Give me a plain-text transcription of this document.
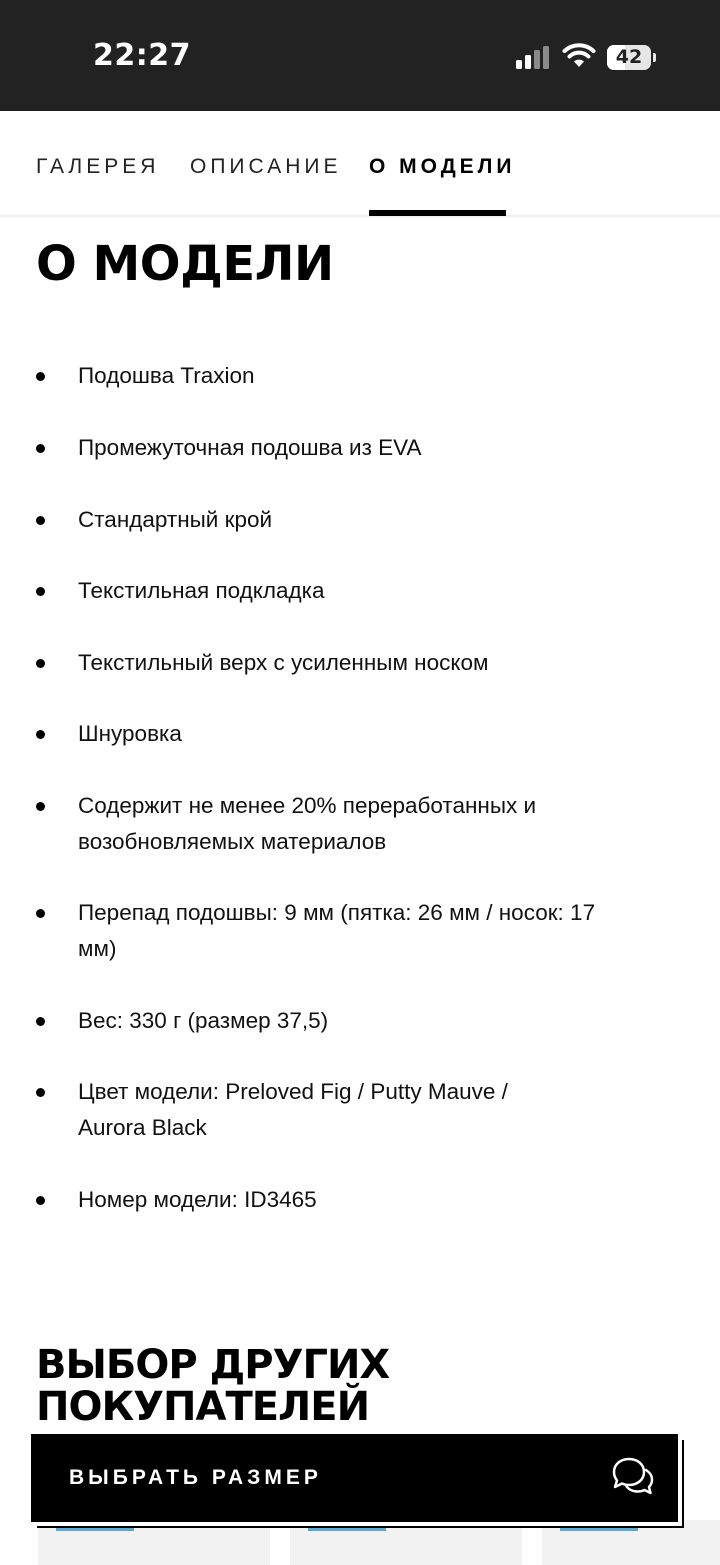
22:27	42
ГАЛЕРЕЯ ОПИСАНИЕ О МОДЕЛИ
О МОДЕЛИ
Подошва Traxion
Промежуточная подошва из EVA
Стандартный крой
Текстильная подкладка
Текстильный верх с усиленным носком
Шнуровка
Содержит не менее 20% переработанных и возобновляемых материалов
Перепад подошвы: 9 мм (пятка: 26 мм / носок: 17 мм)
Вес: 330 г (размер 37,5)
Цвет модели: Preloved Fig / Putty Mauve / Aurora Black
Номер модели: ID3465
ВЫБОР ДРУГИХ ПОКУПАТЕЛЕЙ
ВЫБРАТЬ РАЗМЕР
